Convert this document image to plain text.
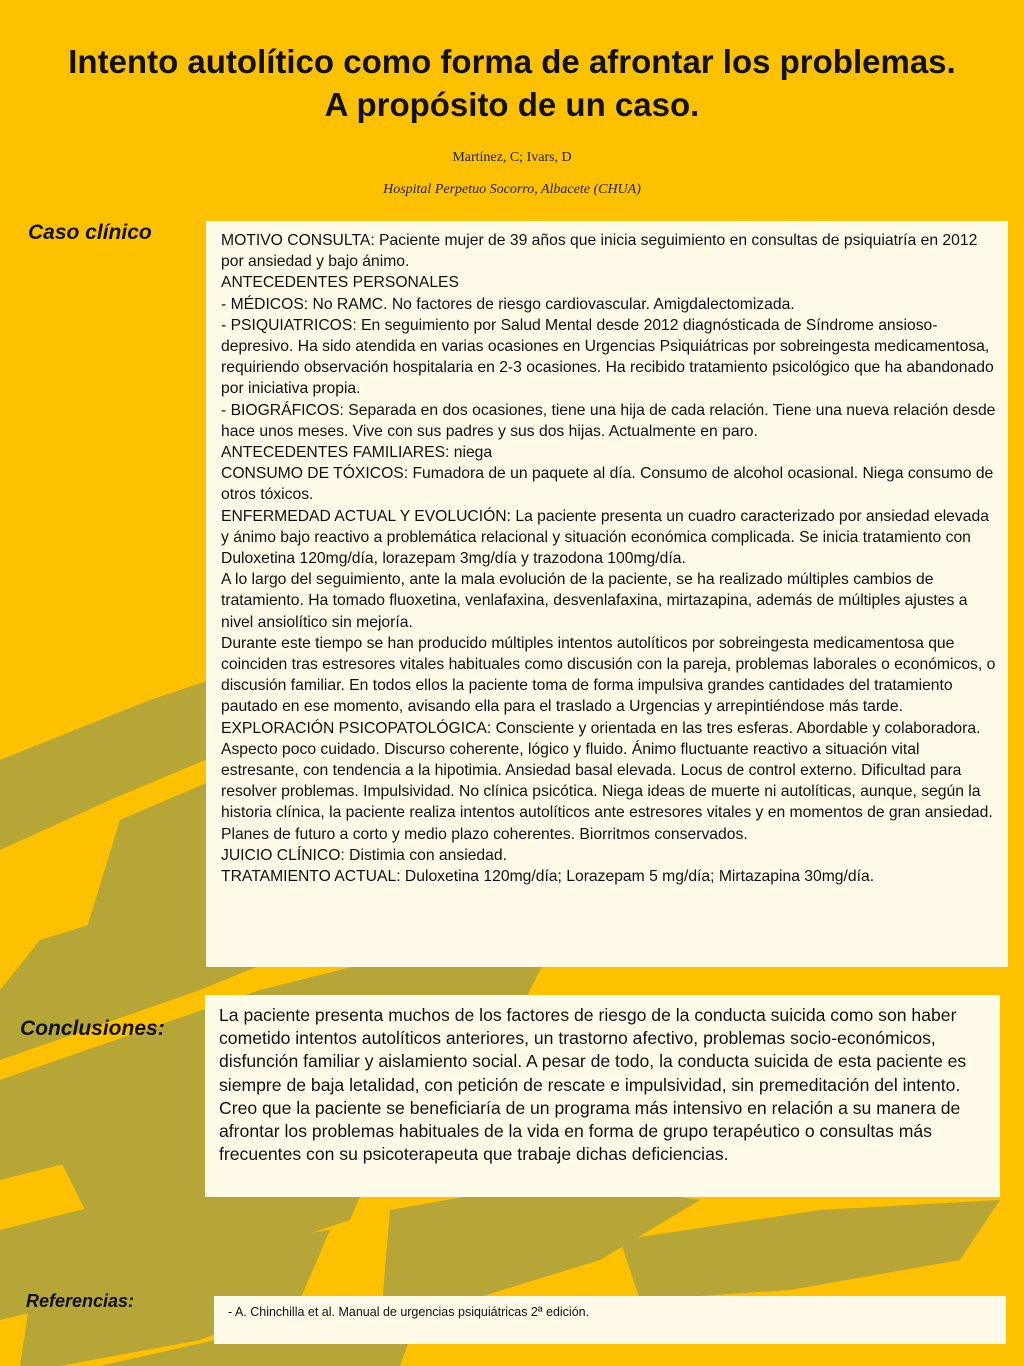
Intento autolítico como forma de afrontar los problemas. A propósito de un caso.
Martínez, C; Ivars, D
Hospital Perpetuo Socorro, Albacete (CHUA)
Caso clínico	MOTIVO CONSULTA: Paciente mujer de 39 años que inicia seguimiento en consultas de psiquiatría en 2012 por ansiedad y bajo ánimo.

ANTECEDENTES PERSONALES

- MÉDICOS: No RAMC. No factores de riesgo cardiovascular. Amigdalectomizada.

- PSIQUIATRICOS: En seguimiento por Salud Mental desde 2012 diagnósticada de Síndrome ansioso-depresivo. Ha sido atendida en varias ocasiones en Urgencias Psiquiátricas por sobreingesta medicamentosa, requiriendo observación hospitalaria en 2-3 ocasiones. Ha recibido tratamiento psicológico que ha abandonado por iniciativa propia.

- BIOGRÁFICOS: Separada en dos ocasiones, tiene una hija de cada relación. Tiene una nueva relación desde hace unos meses. Vive con sus padres y sus dos hijas. Actualmente en paro.

ANTECEDENTES FAMILIARES: niega

CONSUMO DE TÓXICOS: Fumadora de un paquete al día. Consumo de alcohol ocasional. Niega consumo de otros tóxicos.

ENFERMEDAD ACTUAL Y EVOLUCIÓN: La paciente presenta un cuadro caracterizado por ansiedad elevada y ánimo bajo reactivo a problemática relacional y situación económica complicada. Se inicia tratamiento con Duloxetina 120mg/día, lorazepam 3mg/día y trazodona 100mg/día.

A lo largo del seguimiento, ante la mala evolución de la paciente, se ha realizado múltiples cambios de tratamiento. Ha tomado fluoxetina, venlafaxina, desvenlafaxina, mirtazapina, además de múltiples ajustes a nivel ansiolítico sin mejoría.

Durante este tiempo se han producido múltiples intentos autolíticos por sobreingesta medicamentosa que coinciden tras estresores vitales habituales como discusión con la pareja, problemas laborales o económicos, o discusión familiar. En todos ellos la paciente toma de forma impulsiva grandes cantidades del tratamiento pautado en ese momento, avisando ella para el traslado a Urgencias y arrepintiéndose más tarde.

EXPLORACIÓN PSICOPATOLÓGICA: Consciente y orientada en las tres esferas. Abordable y colaboradora. Aspecto poco cuidado. Discurso coherente, lógico y fluido. Ánimo fluctuante reactivo a situación vital estresante, con tendencia a la hipotimia. Ansiedad basal elevada. Locus de control externo. Dificultad para resolver problemas. Impulsividad. No clínica psicótica. Niega ideas de muerte ni autolíticas, aunque, según la historia clínica, la paciente realiza intentos autolíticos ante estresores vitales y en momentos de gran ansiedad. Planes de futuro a corto y medio plazo coherentes. Biorritmos conservados.

JUICIO CLÍNICO: Distimia con ansiedad.

TRATAMIENTO ACTUAL: Duloxetina 120mg/día; Lorazepam 5 mg/día; Mirtazapina 30mg/día.

Conclusiones:

La paciente presenta muchos de los factores de riesgo de la conducta suicida como son haber cometido intentos autolíticos anteriores, un trastorno afectivo, problemas socio-económicos, disfunción familiar y aislamiento social. A pesar de todo, la conducta suicida de esta paciente es siempre de baja letalidad, con petición de rescate e impulsividad, sin premeditación del intento.

Creo que la paciente se beneficiaría de un programa más intensivo en relación a su manera de afrontar los problemas habituales de la vida en forma de grupo terapéutico o consultas más frecuentes con su psicoterapeuta que trabaje dichas deficiencias.

Referencias:
- A. Chinchilla et al. Manual de urgencias psiquiátricas 2ª edición.
